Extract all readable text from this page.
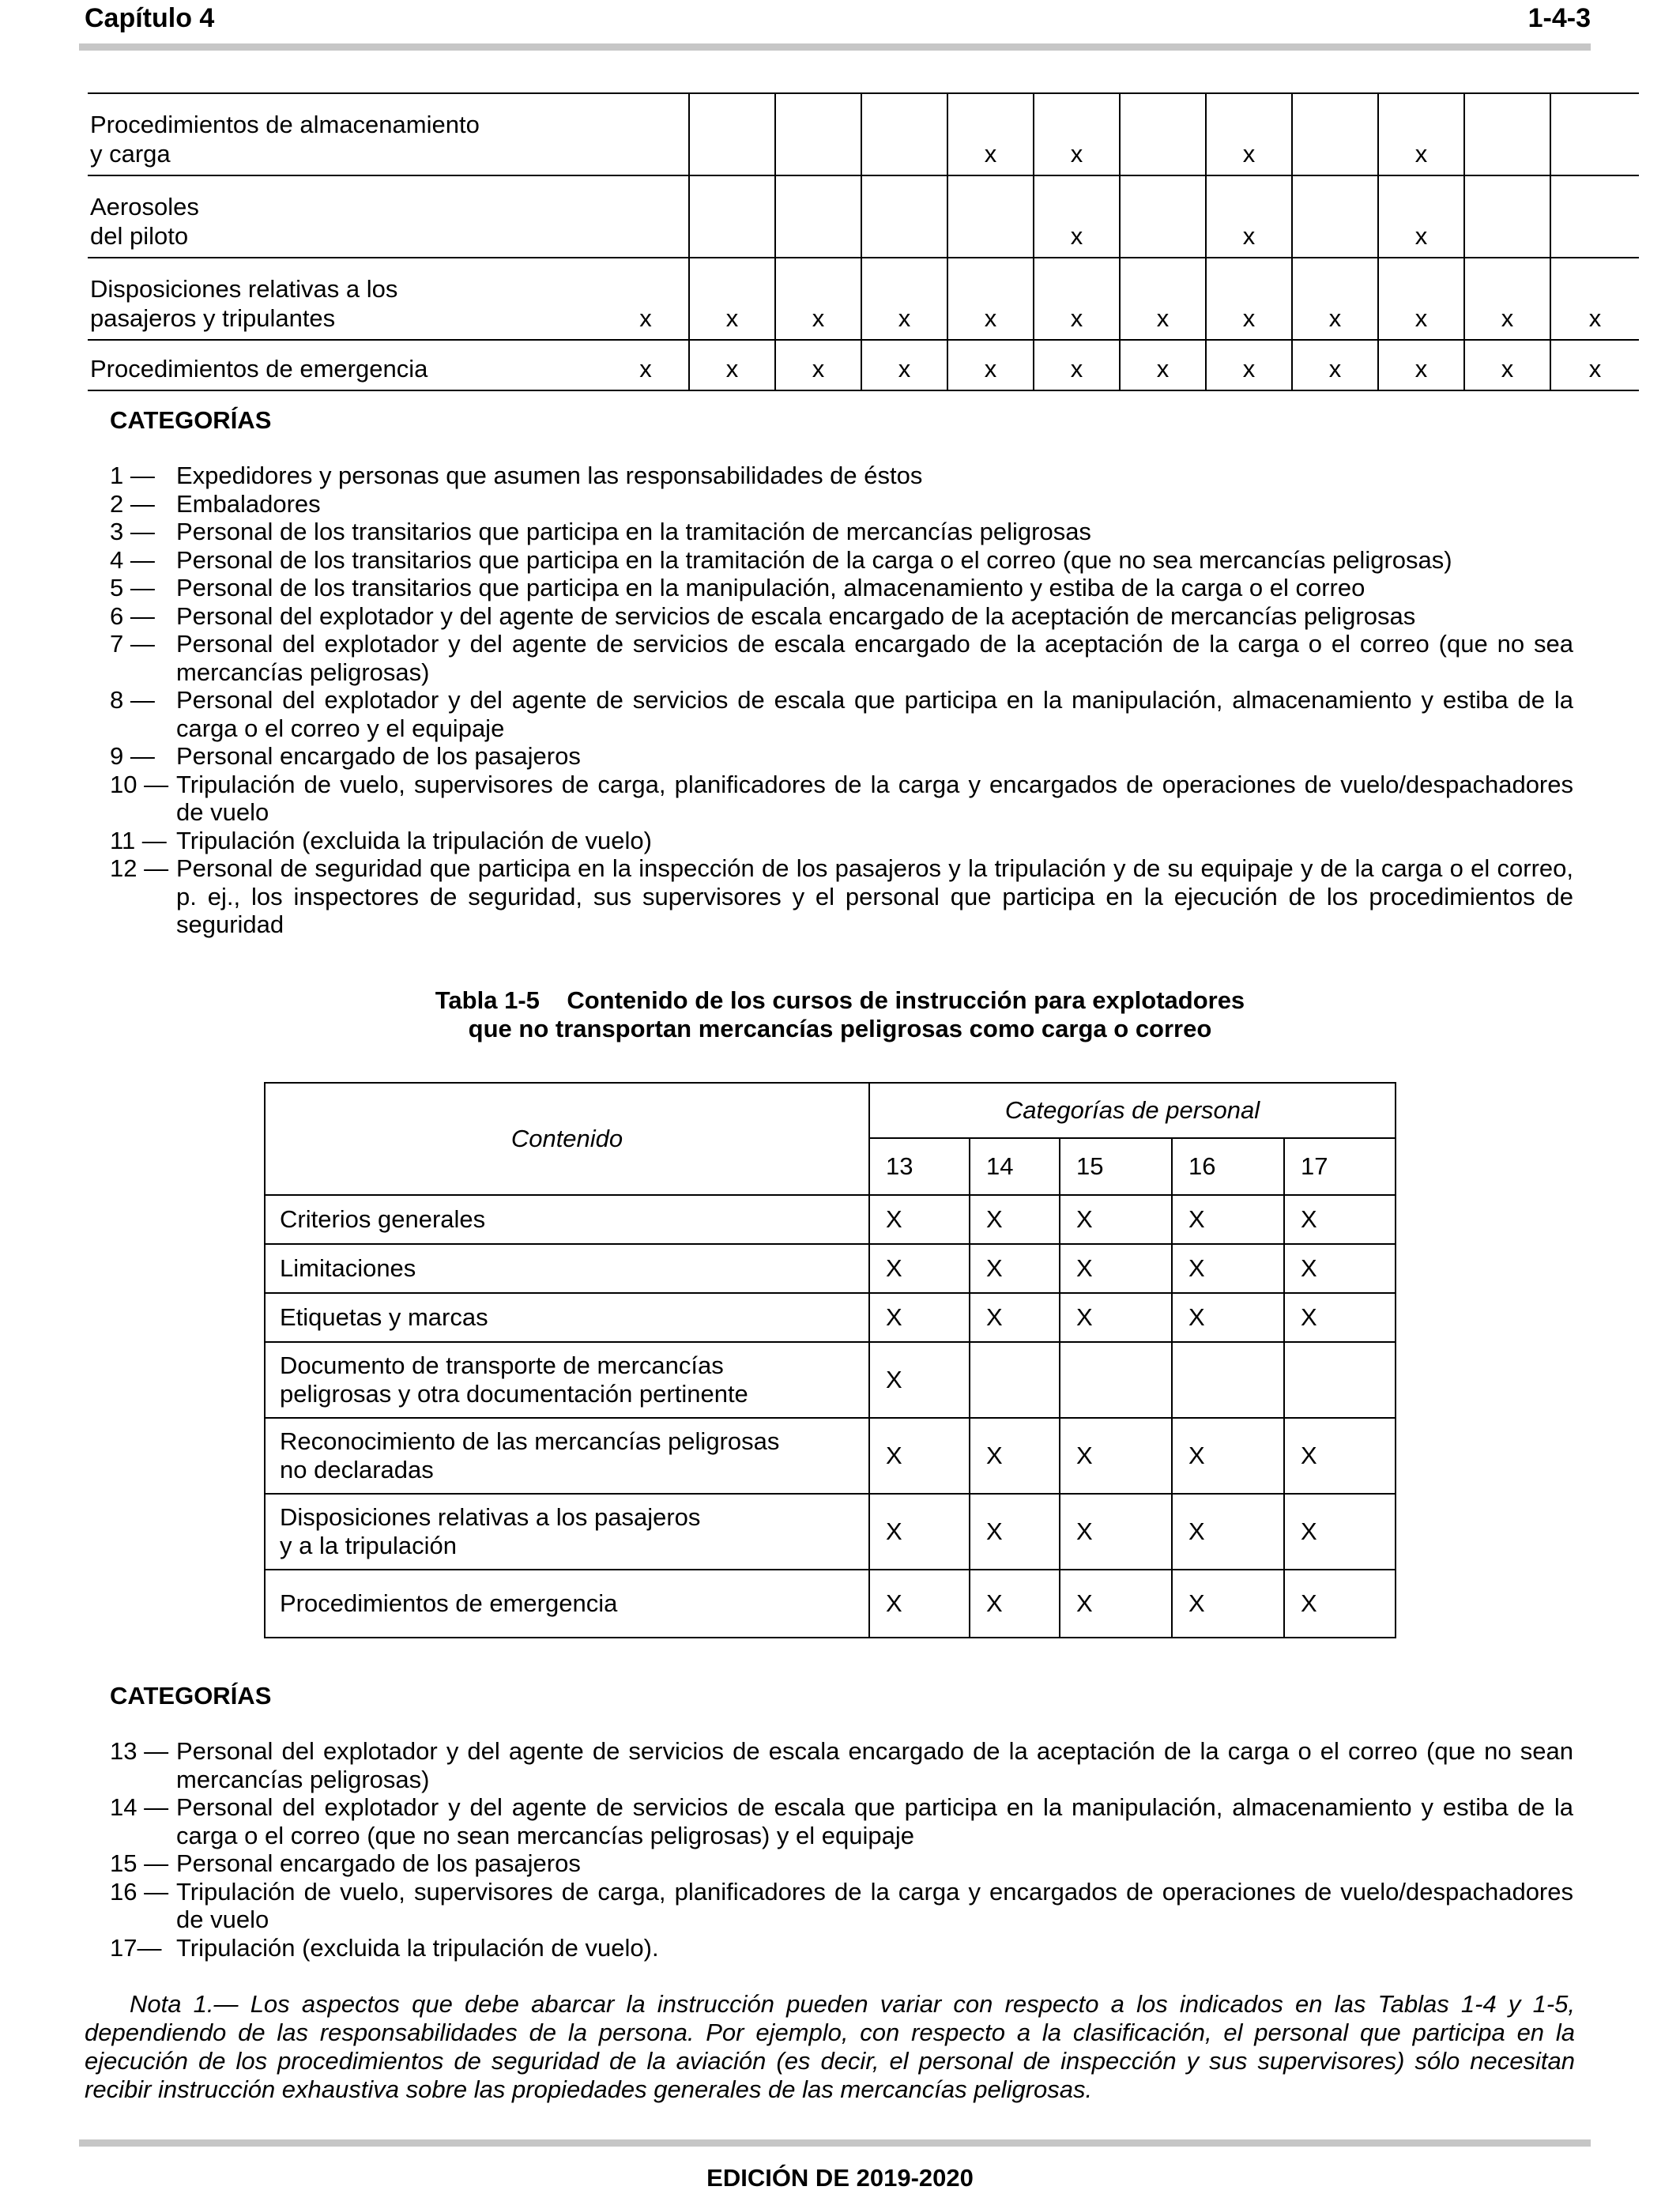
Capítulo 4	1-4-3
Procedimientos de almacenamiento
y carga					x	x		x		x		
Aerosoles
del piloto						x		x		x		
Disposiciones relativas a los
pasajeros y tripulantes	x	x	x	x	x	x	x	x	x	x	x	x
Procedimientos de emergencia	x	x	x	x	x	x	x	x	x	x	x	x
CATEGORÍAS
1 — Expedidores y personas que asumen las responsabilidades de éstos
2 — Embaladores
3 — Personal de los transitarios que participa en la tramitación de mercancías peligrosas
4 — Personal de los transitarios que participa en la tramitación de la carga o el correo (que no sea mercancías peligrosas)
5 — Personal de los transitarios que participa en la manipulación, almacenamiento y estiba de la carga o el correo
6 — Personal del explotador y del agente de servicios de escala encargado de la aceptación de mercancías peligrosas
7 — Personal del explotador y del agente de servicios de escala encargado de la aceptación de la carga o el correo (que no sea mercancías peligrosas)
8 — Personal del explotador y del agente de servicios de escala que participa en la manipulación, almacenamiento y estiba de la carga o el correo y el equipaje
9 — Personal encargado de los pasajeros
10 — Tripulación de vuelo, supervisores de carga, planificadores de la carga y encargados de operaciones de vuelo/despachadores de vuelo
11 — Tripulación (excluida la tripulación de vuelo)
12 — Personal de seguridad que participa en la inspección de los pasajeros y la tripulación y de su equipaje y de la carga o el correo, p. ej., los inspectores de seguridad, sus supervisores y el personal que participa en la ejecución de los procedimientos de seguridad
Tabla 1-5    Contenido de los cursos de instrucción para explotadores
que no transportan mercancías peligrosas como carga o correo
Contenido	Categorías de personal				
	13	14	15	16	17
Criterios generales	X	X	X	X	X
Limitaciones	X	X	X	X	X
Etiquetas y marcas	X	X	X	X	X
Documento de transporte de mercancías
peligrosas y otra documentación pertinente	X				
Reconocimiento de las mercancías peligrosas
no declaradas	X	X	X	X	X
Disposiciones relativas a los pasajeros
y a la tripulación	X	X	X	X	X
Procedimientos de emergencia	X	X	X	X	X
CATEGORÍAS
13 — Personal del explotador y del agente de servicios de escala encargado de la aceptación de la carga o el correo (que no sean mercancías peligrosas)
14 — Personal del explotador y del agente de servicios de escala que participa en la manipulación, almacenamiento y estiba de la carga o el correo (que no sean mercancías peligrosas) y el equipaje
15 — Personal encargado de los pasajeros
16 — Tripulación de vuelo, supervisores de carga, planificadores de la carga y encargados de operaciones de vuelo/despachadores de vuelo
17— Tripulación (excluida la tripulación de vuelo).
Nota 1.— Los aspectos que debe abarcar la instrucción pueden variar con respecto a los indicados en las Tablas 1-4 y 1-5, dependiendo de las responsabilidades de la persona. Por ejemplo, con respecto a la clasificación, el personal que participa en la ejecución de los procedimientos de seguridad de la aviación (es decir, el personal de inspección y sus supervisores) sólo necesitan recibir instrucción exhaustiva sobre las propiedades generales de las mercancías peligrosas.
EDICIÓN DE 2019-2020
